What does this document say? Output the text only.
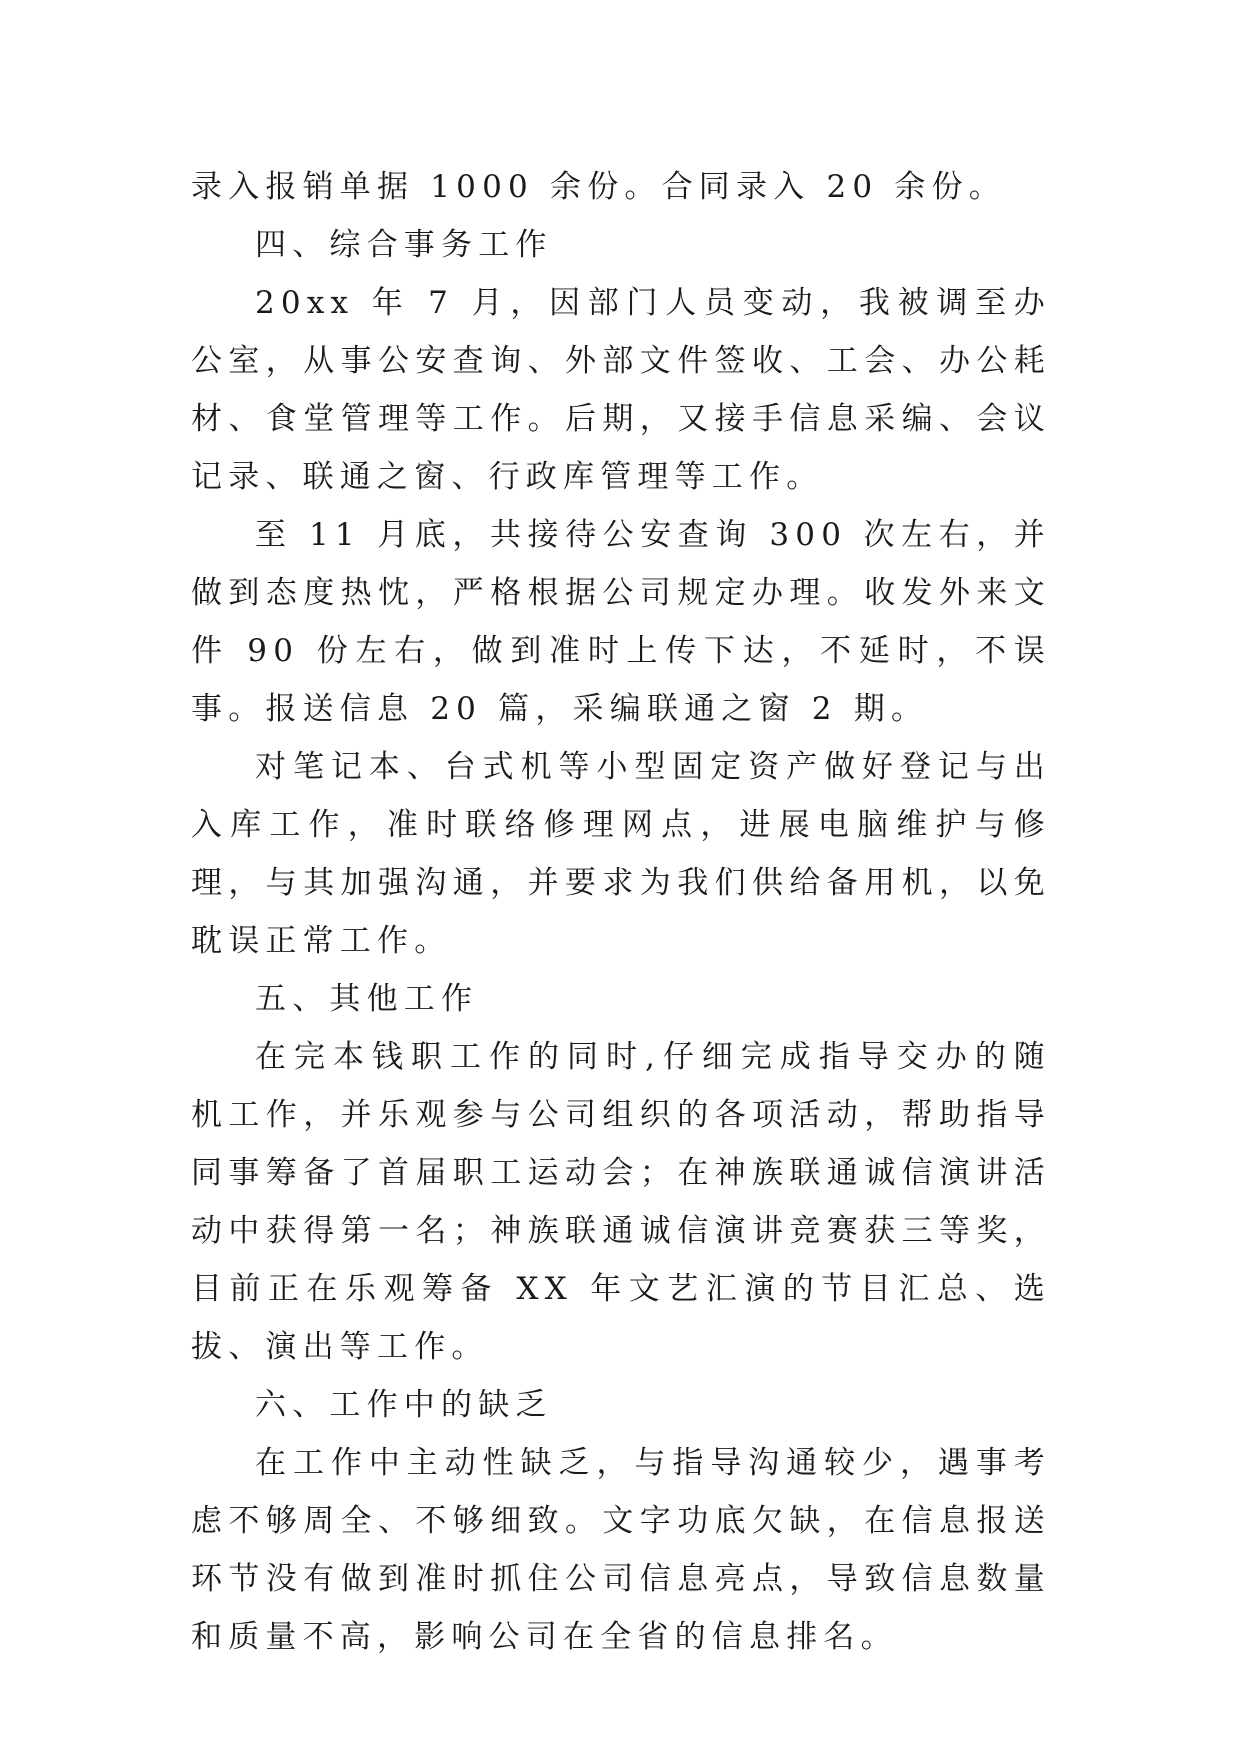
录入报销单据 1000 余份。合同录入 20 余份。

四、综合事务工作

20xx 年 7 月，因部门人员变动，我被调至办公室，从事公安查询、外部文件签收、工会、办公耗材、食堂管理等工作。后期，又接手信息采编、会议记录、联通之窗、行政库管理等工作。

至 11 月底，共接待公安查询 300 次左右，并做到态度热忱，严格根据公司规定办理。收发外来文件 90 份左右，做到准时上传下达，不延时，不误事。报送信息 20 篇，采编联通之窗 2 期。

对笔记本、台式机等小型固定资产做好登记与出入库工作，准时联络修理网点，进展电脑维护与修理，与其加强沟通，并要求为我们供给备用机，以免耽误正常工作。

五、其他工作

在完本钱职工作的同时,仔细完成指导交办的随机工作，并乐观参与公司组织的各项活动，帮助指导同事筹备了首届职工运动会；在神族联通诚信演讲活动中获得第一名；神族联通诚信演讲竞赛获三等奖，目前正在乐观筹备 XX 年文艺汇演的节目汇总、选拔、演出等工作。

六、工作中的缺乏

在工作中主动性缺乏，与指导沟通较少，遇事考虑不够周全、不够细致。文字功底欠缺，在信息报送环节没有做到准时抓住公司信息亮点，导致信息数量和质量不高，影响公司在全省的信息排名。
